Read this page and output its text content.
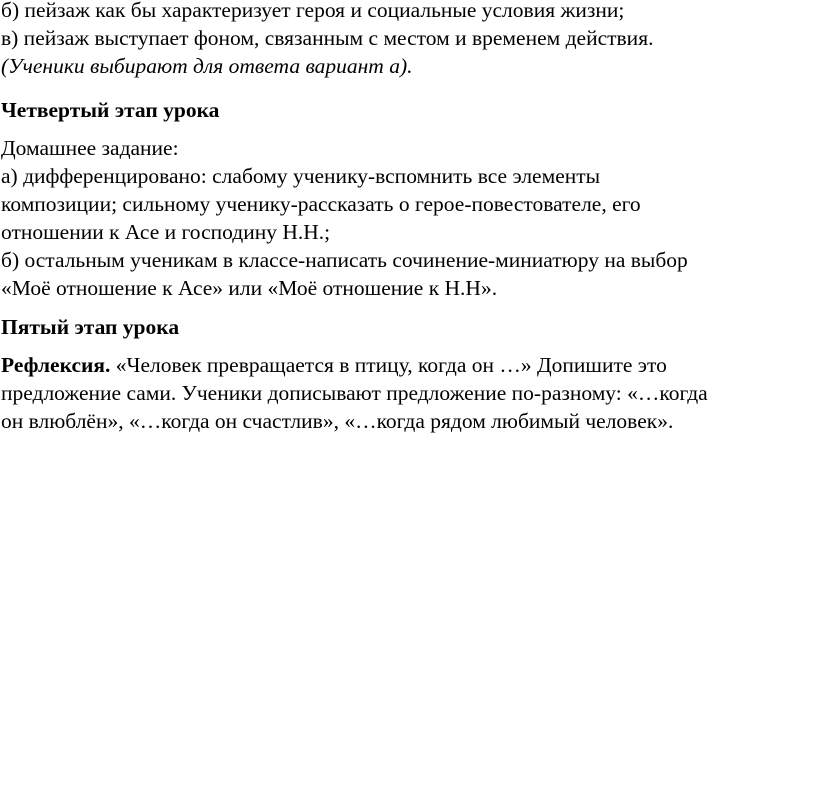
б) пейзаж как бы характеризует героя и социальные условия жизни;
в) пейзаж выступает фоном, связанным с местом и временем действия.
(Ученики выбирают для ответа вариант а).
Четвертый этап урока
Домашнее задание:
а) дифференцировано: слабому ученику-вспомнить все элементы
композиции; сильному ученику-рассказать о герое-повестователе, его
отношении к Асе и господину Н.Н.;
б) остальным ученикам в классе-написать сочинение-миниатюру на выбор
«Моё отношение к Асе» или «Моё отношение к Н.Н».
Пятый этап урока
Рефлексия. «Человек превращается в птицу, когда он …» Допишите это
предложение сами. Ученики дописывают предложение по-разному: «…когда
он влюблён», «…когда он счастлив», «…когда рядом любимый человек».
